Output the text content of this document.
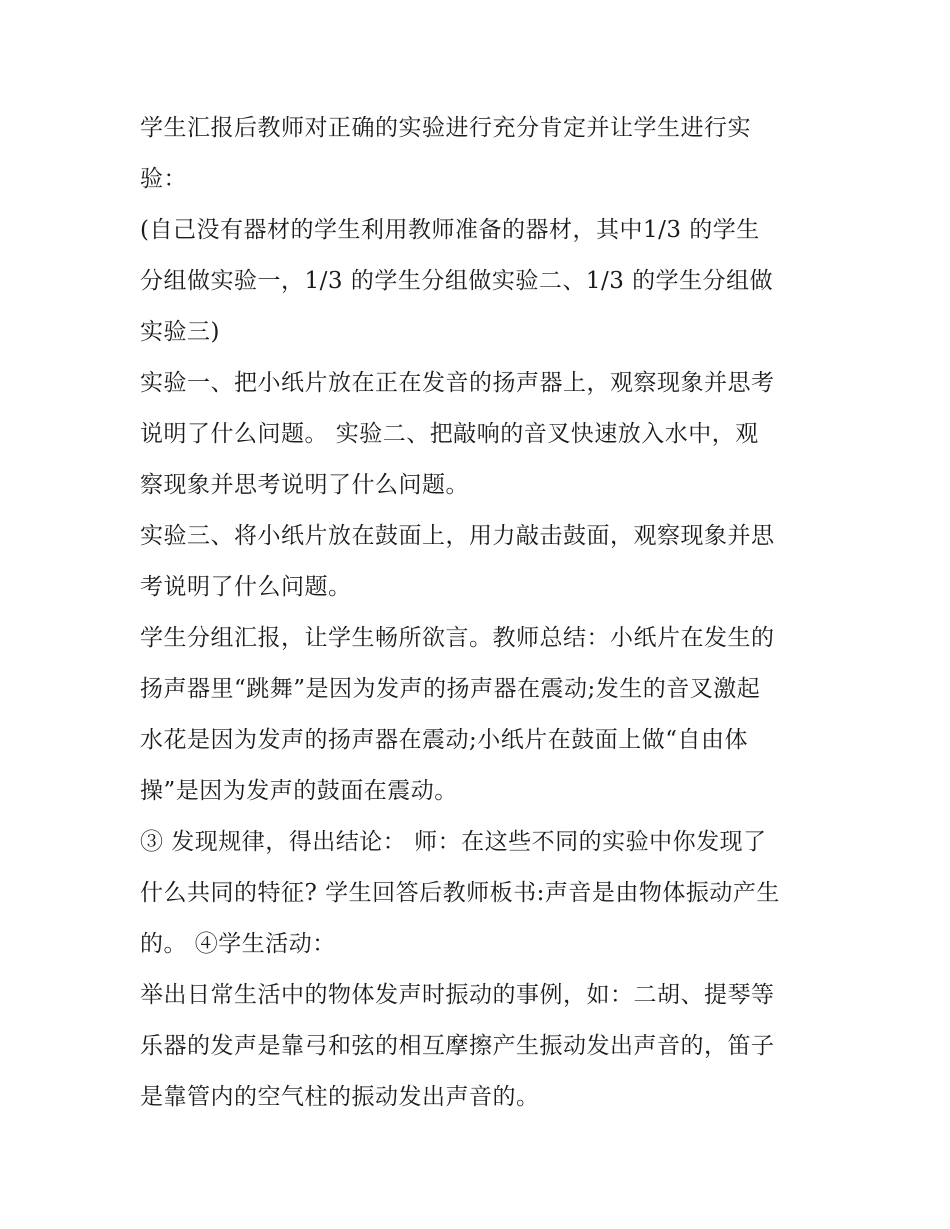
学生汇报后教师对正确的实验进行充分肯定并让学生进行实
验：
(自己没有器材的学生利用教师准备的器材，其中1/3 的学生
分组做实验一，1/3 的学生分组做实验二、1/3 的学生分组做
实验三)
实验一、把小纸片放在正在发音的扬声器上，观察现象并思考
说明了什么问题。 实验二、把敲响的音叉快速放入水中，观
察现象并思考说明了什么问题。
实验三、将小纸片放在鼓面上，用力敲击鼓面，观察现象并思
考说明了什么问题。
学生分组汇报，让学生畅所欲言。教师总结：小纸片在发生的
扬声器里“跳舞”是因为发声的扬声器在震动;发生的音叉激起
水花是因为发声的扬声器在震动;小纸片在鼓面上做“自由体
操”是因为发声的鼓面在震动。
③ 发现规律，得出结论： 师：在这些不同的实验中你发现了
什么共同的特征? 学生回答后教师板书:声音是由物体振动产生
的。 ④学生活动：
举出日常生活中的物体发声时振动的事例，如：二胡、提琴等
乐器的发声是靠弓和弦的相互摩擦产生振动发出声音的，笛子
是靠管内的空气柱的振动发出声音的。
